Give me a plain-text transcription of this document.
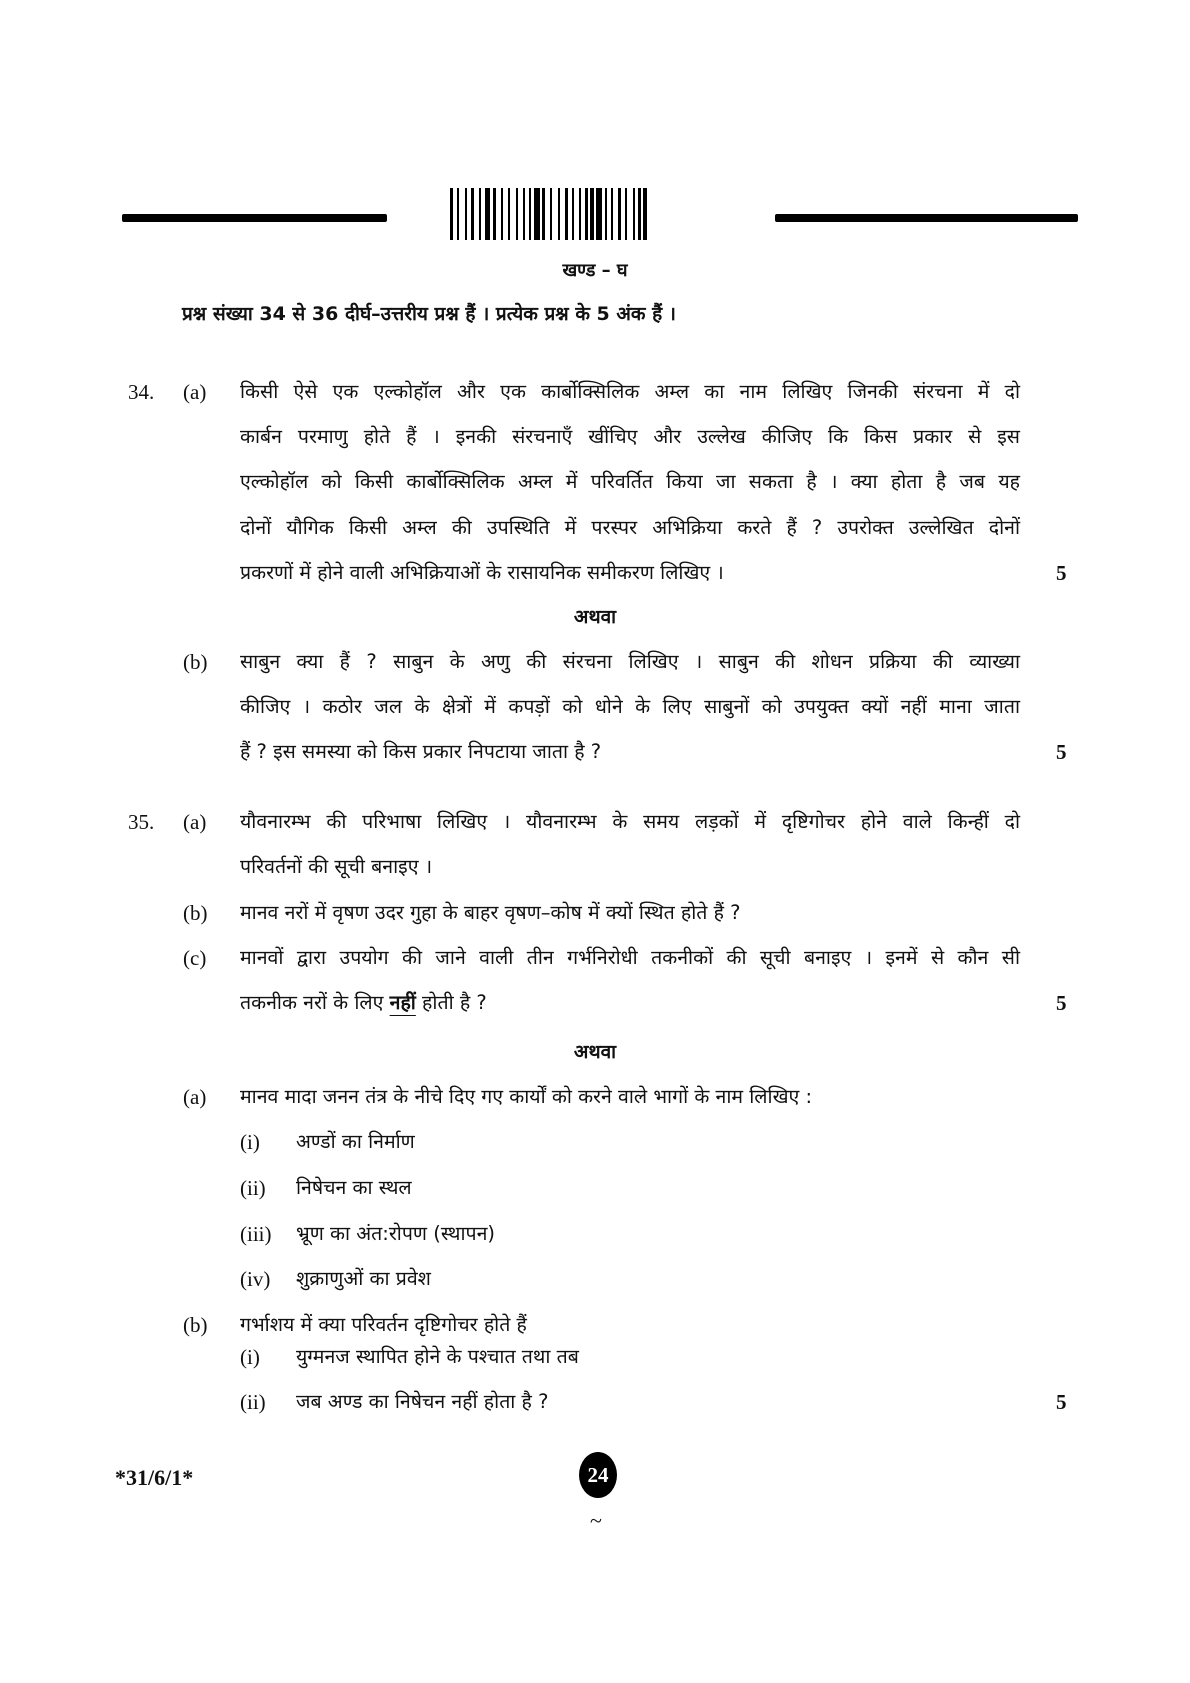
खण्ड – घ
प्रश्न संख्या 34 से 36 दीर्घ–उत्तरीय प्रश्न हैं । प्रत्येक प्रश्न के 5 अंक हैं ।
34. (a) किसी ऐसे एक एल्कोहॉल और एक कार्बोक्सिलिक अम्ल का नाम लिखिए जिनकी संरचना में दो
कार्बन परमाणु होते हैं । इनकी संरचनाएँ खींचिए और उल्लेख कीजिए कि किस प्रकार से इस
एल्कोहॉल को किसी कार्बोक्सिलिक अम्ल में परिवर्तित किया जा सकता है । क्या होता है जब यह
दोनों यौगिक किसी अम्ल की उपस्थिति में परस्पर अभिक्रिया करते हैं ? उपरोक्त उल्लेखित दोनों
प्रकरणों में होने वाली अभिक्रियाओं के रासायनिक समीकरण लिखिए ।	5
अथवा
(b) साबुन क्या हैं ? साबुन के अणु की संरचना लिखिए । साबुन की शोधन प्रक्रिया की व्याख्या
कीजिए । कठोर जल के क्षेत्रों में कपड़ों को धोने के लिए साबुनों को उपयुक्त क्यों नहीं माना जाता
हैं ? इस समस्या को किस प्रकार निपटाया जाता है ?	5
35. (a) यौवनारम्भ की परिभाषा लिखिए । यौवनारम्भ के समय लड़कों में दृष्टिगोचर होने वाले किन्हीं दो
परिवर्तनों की सूची बनाइए ।
(b) मानव नरों में वृषण उदर गुहा के बाहर वृषण–कोष में क्यों स्थित होते हैं ?
(c) मानवों द्वारा उपयोग की जाने वाली तीन गर्भनिरोधी तकनीकों की सूची बनाइए । इनमें से कौन सी
तकनीक नरों के लिए नहीं होती है ?	5
अथवा
(a) मानव मादा जनन तंत्र के नीचे दिए गए कार्यों को करने वाले भागों के नाम लिखिए :
(i) अण्डों का निर्माण
(ii) निषेचन का स्थल
(iii) भ्रूण का अंत:रोपण (स्थापन)
(iv) शुक्राणुओं का प्रवेश
(b) गर्भाशय में क्या परिवर्तन दृष्टिगोचर होते हैं
(i) युग्मनज स्थापित होने के पश्चात तथा तब
(ii) जब अण्ड का निषेचन नहीं होता है ?	5
*31/6/1*	24
~
